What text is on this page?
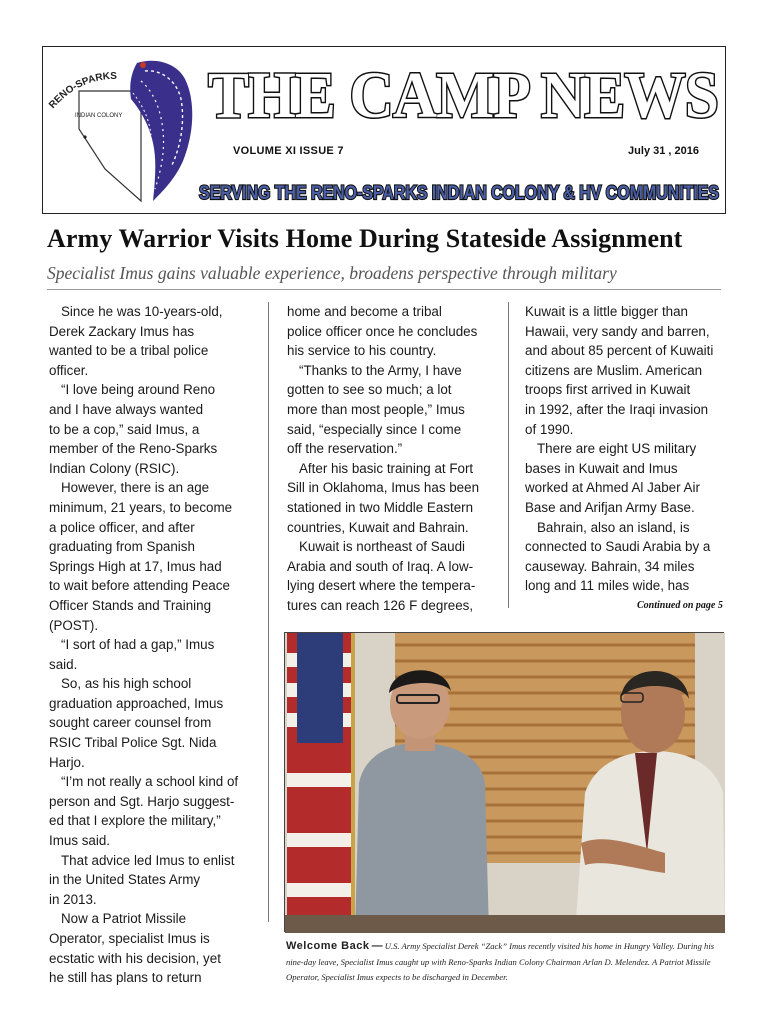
RENO-SPARKS
INDIAN COLONY THE CAMP NEWS
VOLUME XI ISSUE 7	July 31 , 2016
SERVING THE RENO-SPARKS INDIAN COLONY & HV COMMUNITIES
Army Warrior Visits Home During Stateside Assignment
Specialist Imus gains valuable experience, broadens perspective through military
Since he was 10-years-old,
Derek Zackary Imus has
wanted to be a tribal police
officer.
“I love being around Reno
and I have always wanted
to be a cop,” said Imus, a
member of the Reno-Sparks
Indian Colony (RSIC).
However, there is an age
minimum, 21 years, to become
a police officer, and after
graduating from Spanish
Springs High at 17, Imus had
to wait before attending Peace
Officer Stands and Training
(POST).
“I sort of had a gap,” Imus
said.
So, as his high school
graduation approached, Imus
sought career counsel from
RSIC Tribal Police Sgt. Nida
Harjo.
“I’m not really a school kind of
person and Sgt. Harjo suggest-
ed that I explore the military,”
Imus said.
That advice led Imus to enlist
in the United States Army
in 2013.
Now a Patriot Missile
Operator, specialist Imus is
ecstatic with his decision, yet
he still has plans to return
home and become a tribal
police officer once he concludes
his service to his country.
“Thanks to the Army, I have
gotten to see so much; a lot
more than most people,” Imus
said, “especially since I come
off the reservation.”
After his basic training at Fort
Sill in Oklahoma, Imus has been
stationed in two Middle Eastern
countries, Kuwait and Bahrain.
Kuwait is northeast of Saudi
Arabia and south of Iraq. A low-
lying desert where the tempera-
tures can reach 126 F degrees,
Kuwait is a little bigger than
Hawaii, very sandy and barren,
and about 85 percent of Kuwaiti
citizens are Muslim. American
troops first arrived in Kuwait
in 1992, after the Iraqi invasion
of 1990.
There are eight US military
bases in Kuwait and Imus
worked at Ahmed Al Jaber Air
Base and Arifjan Army Base.
Bahrain, also an island, is
connected to Saudi Arabia by a
causeway. Bahrain, 34 miles
long and 11 miles wide, has
Continued on page 5
Welcome Back — U.S. Army Specialist Derek “Zack” Imus recently visited his home in Hungry Valley. During his nine-day leave, Specialist Imus caught up with Reno-Sparks Indian Colony Chairman Arlan D. Melendez. A Patriot Missile Operator, Specialist Imus expects to be discharged in December.
